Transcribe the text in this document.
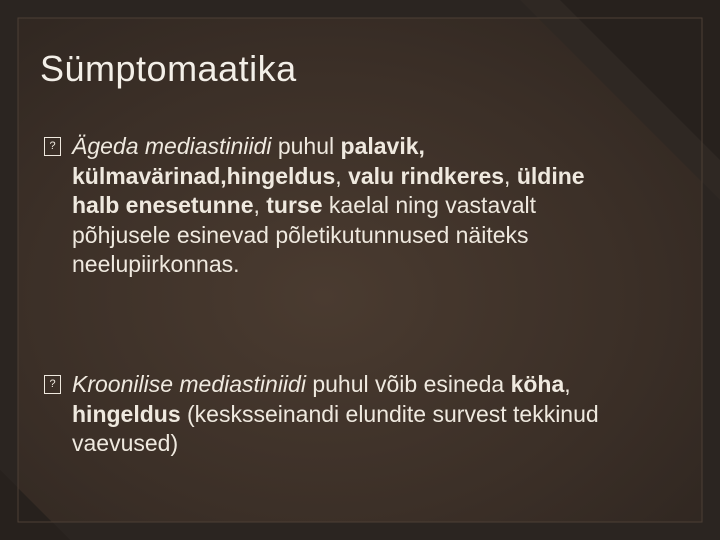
Sümptomaatika
? Ägeda mediastiniidi puhul palavik, külmavärinad,hingeldus, valu rindkeres, üldine halb enesetunne, turse kaelal ning vastavalt põhjusele esinevad põletikutunnused näiteks neelupiirkonnas.
? Kroonilise mediastiniidi puhul võib esineda köha, hingeldus (kesksseinandi elundite survest tekkinud vaevused)
